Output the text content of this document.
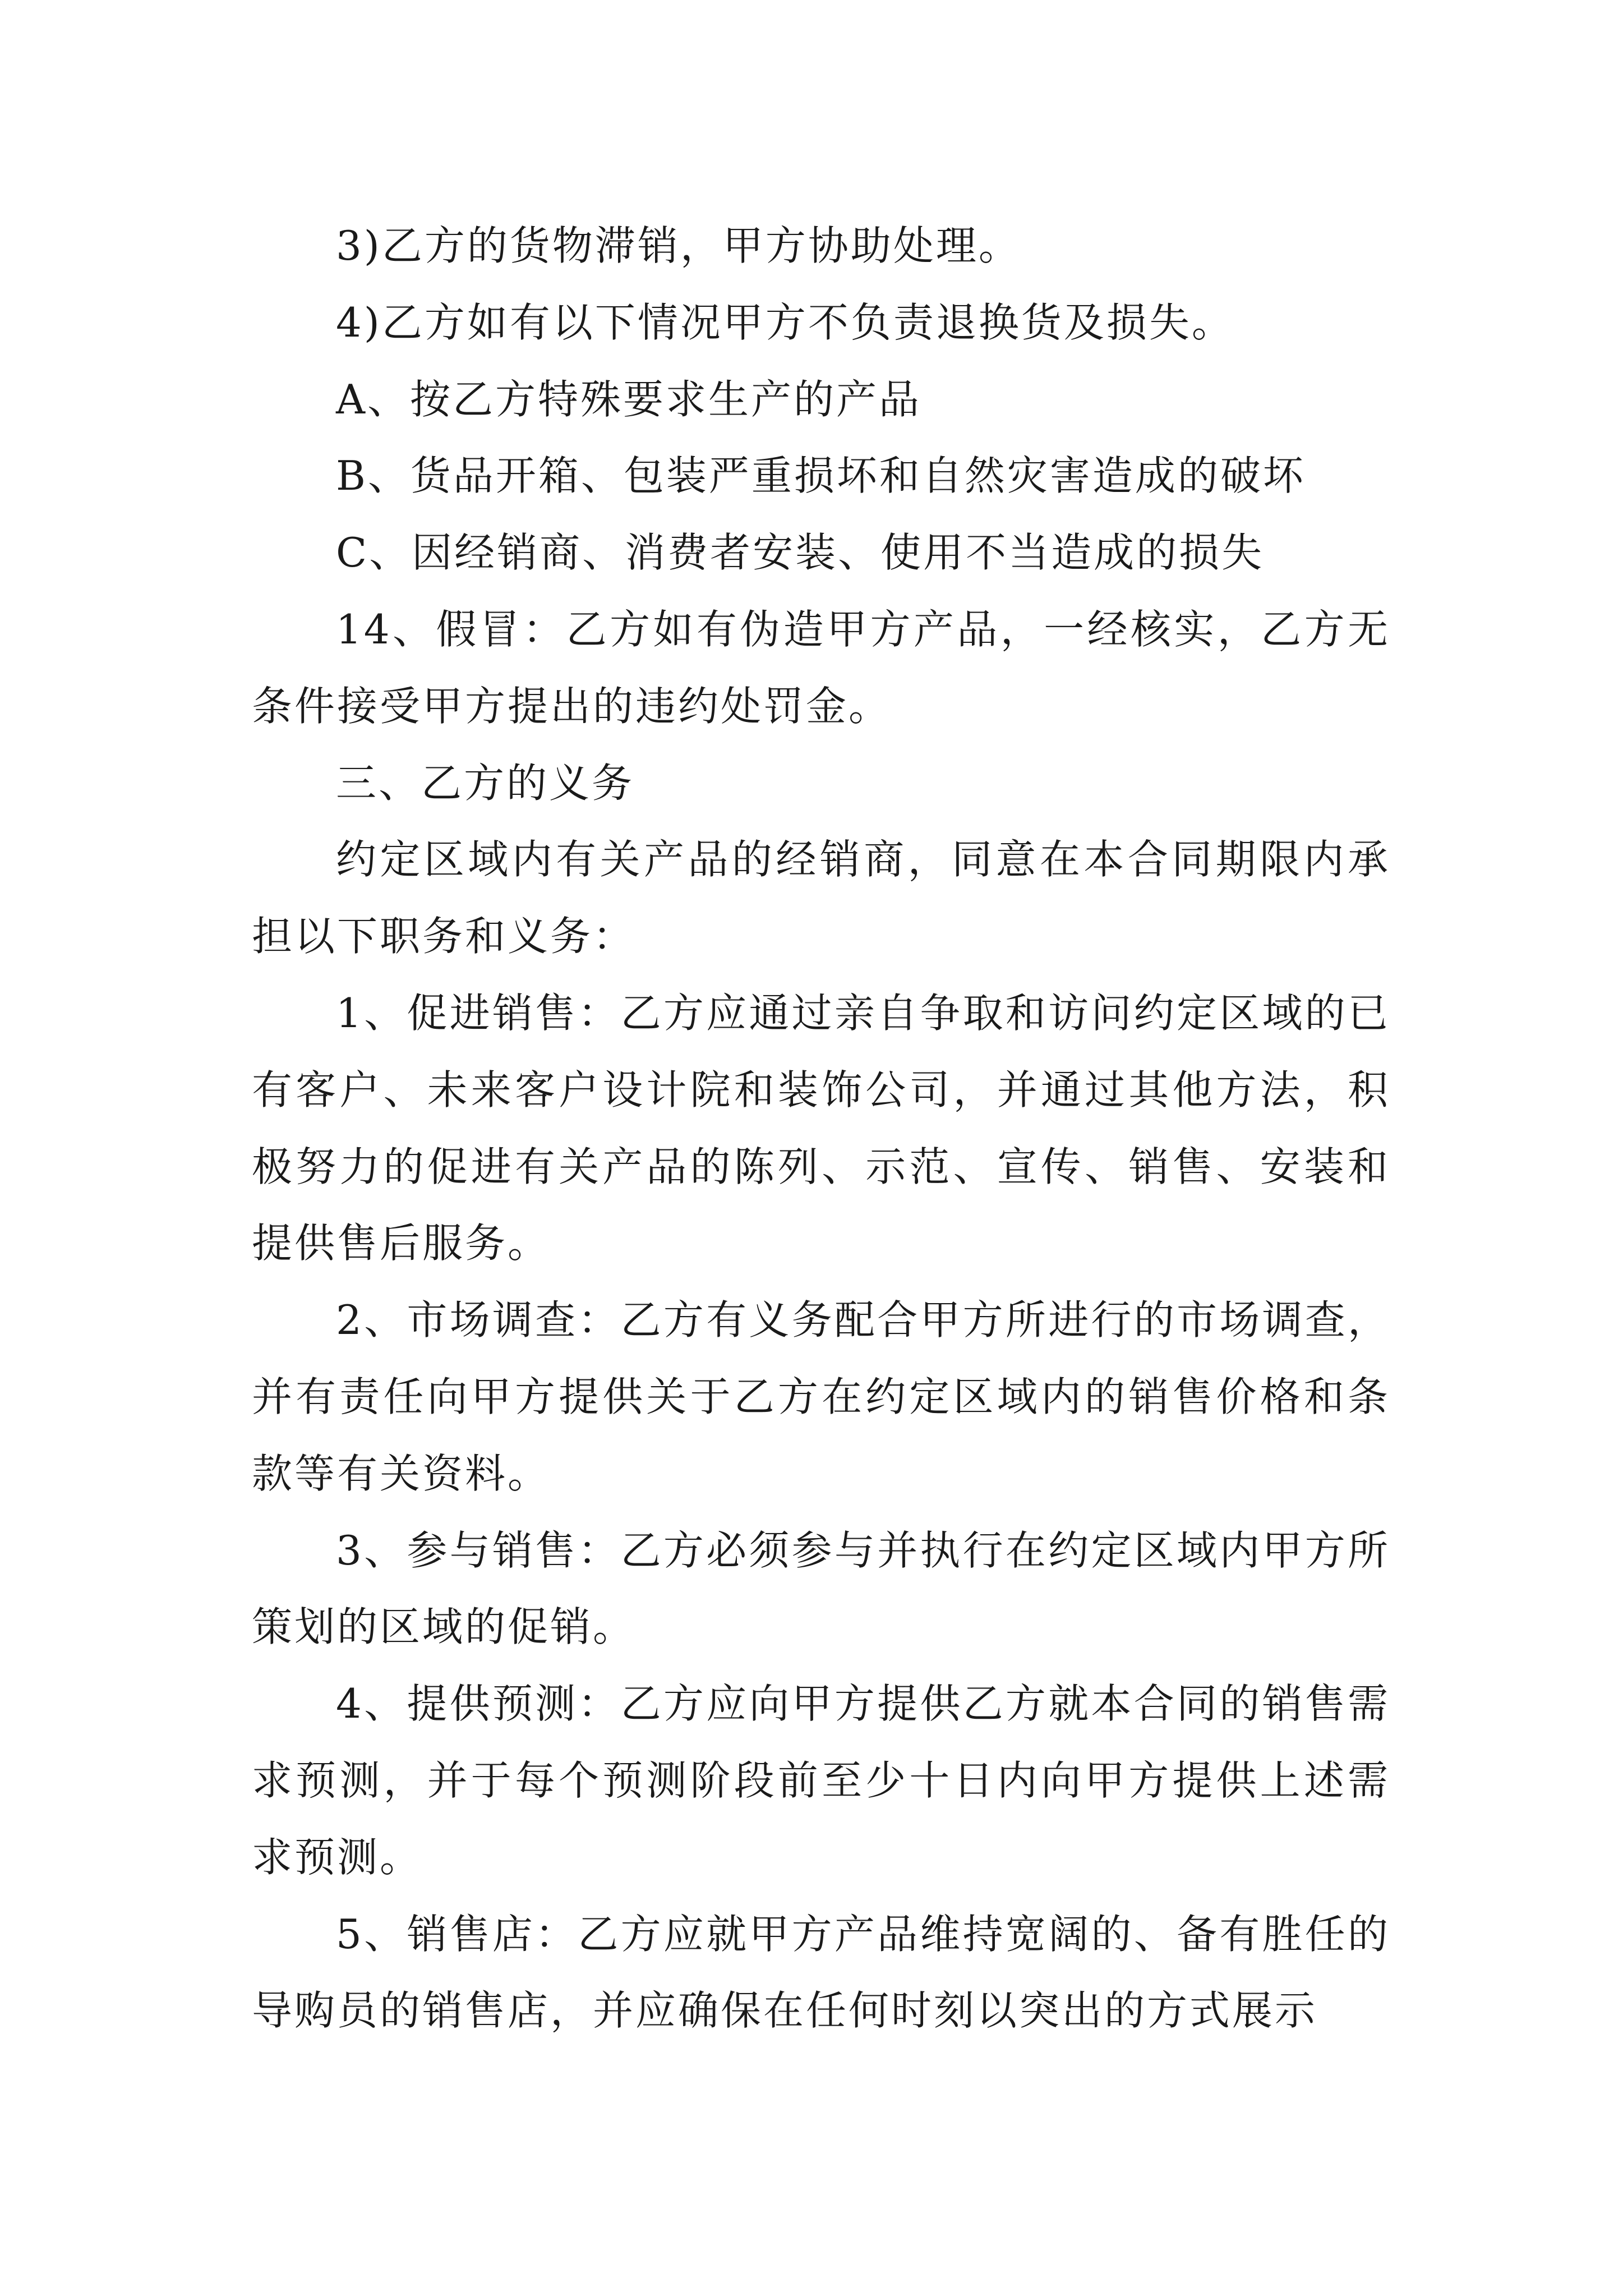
3)乙方的货物滞销，甲方协助处理。

4)乙方如有以下情况甲方不负责退换货及损失。

A、按乙方特殊要求生产的产品

B、货品开箱、包装严重损坏和自然灾害造成的破坏

C、因经销商、消费者安装、使用不当造成的损失

14、假冒：乙方如有伪造甲方产品，一经核实，乙方无条件接受甲方提出的违约处罚金。

三、乙方的义务

约定区域内有关产品的经销商，同意在本合同期限内承担以下职务和义务：

1、促进销售：乙方应通过亲自争取和访问约定区域的已有客户、未来客户设计院和装饰公司，并通过其他方法，积极努力的促进有关产品的陈列、示范、宣传、销售、安装和提供售后服务。

2、市场调查：乙方有义务配合甲方所进行的市场调查，并有责任向甲方提供关于乙方在约定区域内的销售价格和条款等有关资料。

3、参与销售：乙方必须参与并执行在约定区域内甲方所策划的区域的促销。

4、提供预测：乙方应向甲方提供乙方就本合同的销售需求预测，并于每个预测阶段前至少十日内向甲方提供上述需求预测。

5、销售店：乙方应就甲方产品维持宽阔的、备有胜任的导购员的销售店，并应确保在任何时刻以突出的方式展示
